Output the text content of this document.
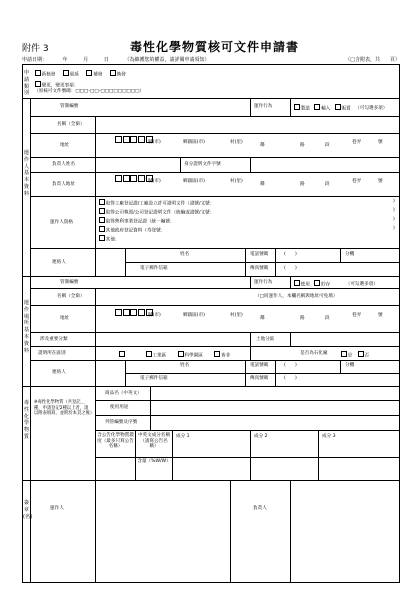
附件 3	毒性化學物質核可文件申請書
申請日期：	年	月	日	（為維護您的權益，請詳閱申請須知）	（□含附表，共　　頁）
申請類別
新核發	展延	補發	換發
變更，變更事項：
（原核可文件號碼：□□□-□□-□□□□□□□□□）
運作人基本資料
管制編號	運作行為	製造 輸入 販賣 （可勾選多項）
名稱（全銜）
地址
縣(市)	鄉鎮區(市)	村(里)
鄰	路	段
巷弄	號
負責人姓名	身分證明文件字號
負責人地址
縣(市)	鄉鎮區(市)	村(里)
鄰	路	段
巷弄	號
運作人資格
取得工廠登記證/工廠設立許可證明文件（證號/文號：
取得公司執照/公司登記證明文件（統編或證號/文號：
取得營利事業登記證（統一編號：
其他政府登記資料（寿登號：
其他：
)
)
)
)
連絡人
姓名	電話號碼	(　　)	分機
電子郵件信箱	傳真號碼	(　　)
運作場所基本資料
管制編號	運作行為	使用 貯存	（可勾選多項）
名稱（全銜）	（□同運作人，本欄名稱與地址可免填）
地址
縣(市)	鄉鎮區(市)	村(里)
鄰	路	段
巷弄	號
涉及重要分類	土地分區
證明所在區別	工業區	科學園區	皆非	是否為石化廠	是	否
連絡人
姓名	電話號碼	(　　)	分機
電子郵件信箱	傳真號碼	(　　)
毒性化學物質
※毒性化學物質（共登記＿種，申請登記2種以上者，請以附表填寫，並附於本頁之後）
商品名（中英文）
使用用途
列管編號及序號
含公告化學物質濃度（最多只寫公告名稱）
中英文成分名稱（請寫公告名稱）
成分 1	成分 2	成分 3
含量（%W/W）
簽章(名)
運作人	負責人
